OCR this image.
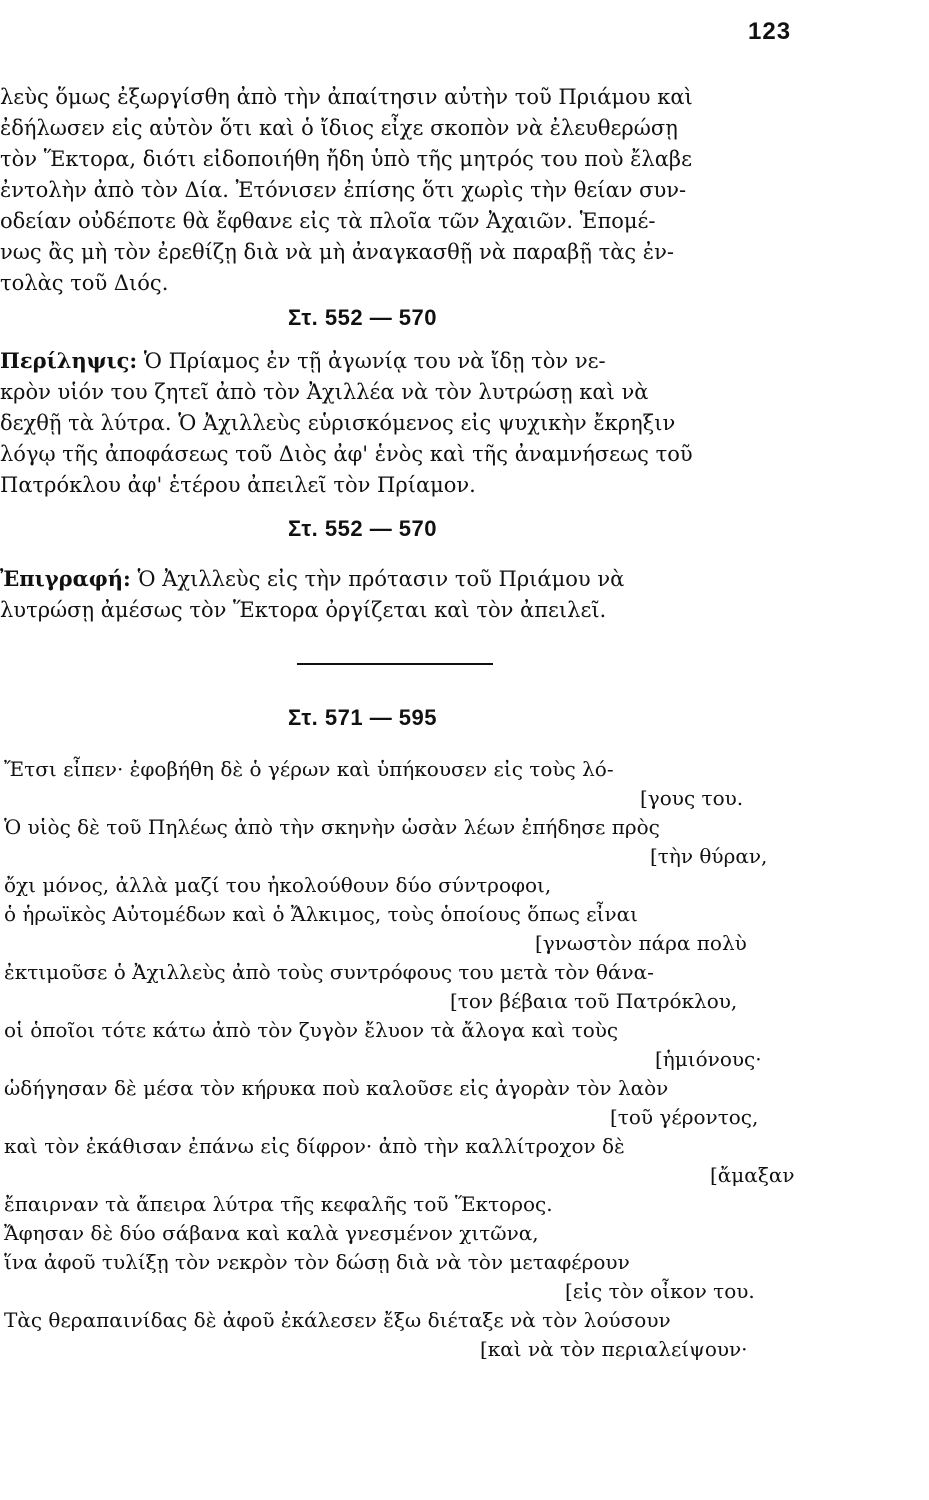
123

λεὺς ὅμως ἐξωργίσθη ἀπὸ τὴν ἀπαίτησιν αὐτὴν τοῦ Πριάμου καὶ

ἐδήλωσεν εἰς αὐτὸν ὅτι καὶ ὁ ἴδιος εἶχε σκοπὸν νὰ ἐλευθερώσῃ

τὸν Ἕκτορα, διότι εἰδοποιήθη ἤδη ὑπὸ τῆς μητρός του ποὺ ἔλαβε

ἐντολὴν ἀπὸ τὸν Δία. Ἐτόνισεν ἐπίσης ὅτι χωρὶς τὴν θείαν συν-

οδείαν οὐδέποτε θὰ ἔφθανε εἰς τὰ πλοῖα τῶν Ἀχαιῶν. Ἑπομέ-

νως ἂς μὴ τὸν ἐρεθίζῃ διὰ νὰ μὴ ἀναγκασθῇ νὰ παραβῇ τὰς ἐν-

τολὰς τοῦ Διός.

Στ. 552 — 570

Περίληψις: Ὁ Πρίαμος ἐν τῇ ἀγωνίᾳ του νὰ ἴδῃ τὸν νε-

κρὸν υἱόν του ζητεῖ ἀπὸ τὸν Ἀχιλλέα νὰ τὸν λυτρώσῃ καὶ νὰ

δεχθῇ τὰ λύτρα. Ὁ Ἀχιλλεὺς εὑρισκόμενος εἰς ψυχικὴν ἔκρηξιν

λόγῳ τῆς ἀποφάσεως τοῦ Διὸς ἀφ' ἑνὸς καὶ τῆς ἀναμνήσεως τοῦ

Πατρόκλου ἀφ' ἑτέρου ἀπειλεῖ τὸν Πρίαμον.

Στ. 552 — 570

Ἐπιγραφή: Ὁ Ἀχιλλεὺς εἰς τὴν πρότασιν τοῦ Πριάμου νὰ

λυτρώσῃ ἀμέσως τὸν Ἕκτορα ὀργίζεται καὶ τὸν ἀπειλεῖ.

Στ. 571 — 595
Ἔτσι εἶπεν· ἐφοβήθη δὲ ὁ γέρων καὶ ὑπήκουσεν εἰς τοὺς λό-
[γους του.
Ὁ υἱὸς δὲ τοῦ Πηλέως ἀπὸ τὴν σκηνὴν ὡσὰν λέων ἐπήδησε πρὸς
[τὴν θύραν,
ὄχι μόνος, ἀλλὰ μαζί του ἠκολούθουν δύο σύντροφοι,
ὁ ἡρωϊκὸς Αὐτομέδων καὶ ὁ Ἄλκιμος, τοὺς ὁποίους ὅπως εἶναι
[γνωστὸν πάρα πολὺ
ἐκτιμοῦσε ὁ Ἀχιλλεὺς ἀπὸ τοὺς συντρόφους του μετὰ τὸν θάνα-
[τον βέβαια τοῦ Πατρόκλου,
οἱ ὁποῖοι τότε κάτω ἀπὸ τὸν ζυγὸν ἔλυον τὰ ἄλογα καὶ τοὺς
[ἡμιόνους·
ὡδήγησαν δὲ μέσα τὸν κήρυκα ποὺ καλοῦσε εἰς ἀγορὰν τὸν λαὸν
[τοῦ γέροντος,
καὶ τὸν ἐκάθισαν ἐπάνω εἰς δίφρον· ἀπὸ τὴν καλλίτροχον δὲ
[ἄμαξαν
ἔπαιρναν τὰ ἄπειρα λύτρα τῆς κεφαλῆς τοῦ Ἕκτορος.
Ἄφησαν δὲ δύο σάβανα καὶ καλὰ γνεσμένον χιτῶνα,
ἵνα ἀφοῦ τυλίξῃ τὸν νεκρὸν τὸν δώσῃ διὰ νὰ τὸν μεταφέρουν
[εἰς τὸν οἶκον του.
Τὰς θεραπαινίδας δὲ ἀφοῦ ἐκάλεσεν ἔξω διέταξε νὰ τὸν λούσουν
[καὶ νὰ τὸν περιαλείψουν·
